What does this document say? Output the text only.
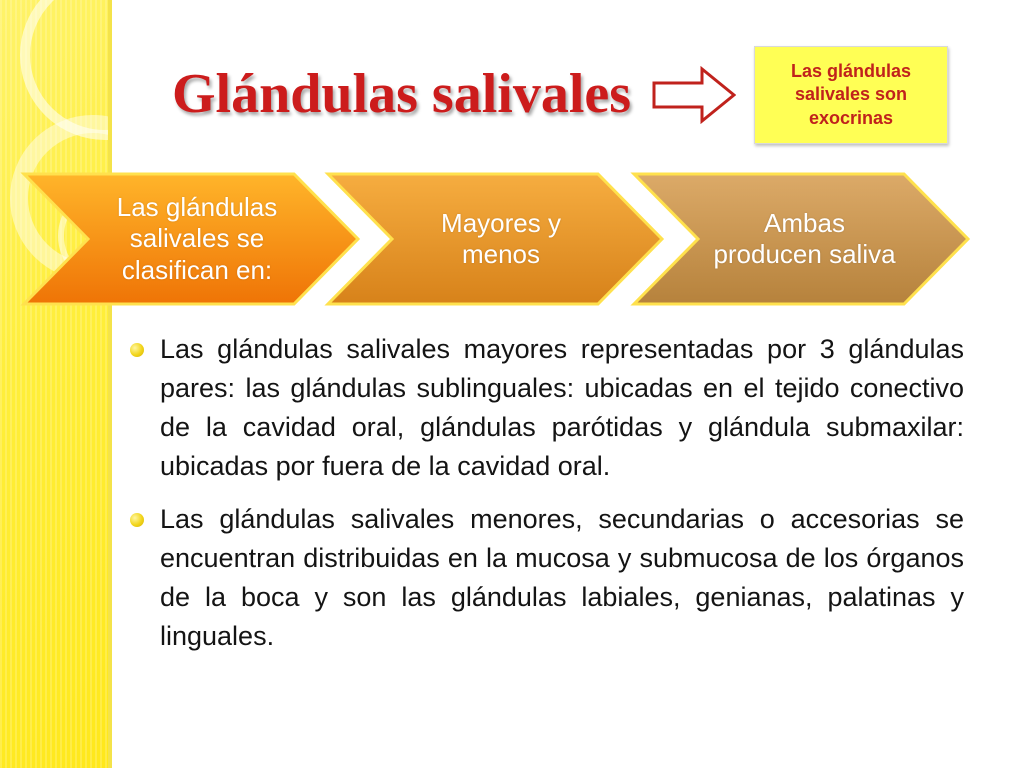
Glándulas salivales	Las glándulas salivales son exocrinas
Las glándulas salivales se clasifican en:
Mayores y menos
Ambas producen saliva
Las glándulas salivales mayores representadas por 3 glándulas pares: las glándulas sublinguales: ubicadas en el tejido conectivo de la cavidad oral, glándulas parótidas y glándula submaxilar: ubicadas por fuera de la cavidad oral.
Las glándulas salivales menores, secundarias o accesorias se encuentran distribuidas en la mucosa y submucosa de los órganos de la boca y son las glándulas labiales, genianas, palatinas y linguales.
